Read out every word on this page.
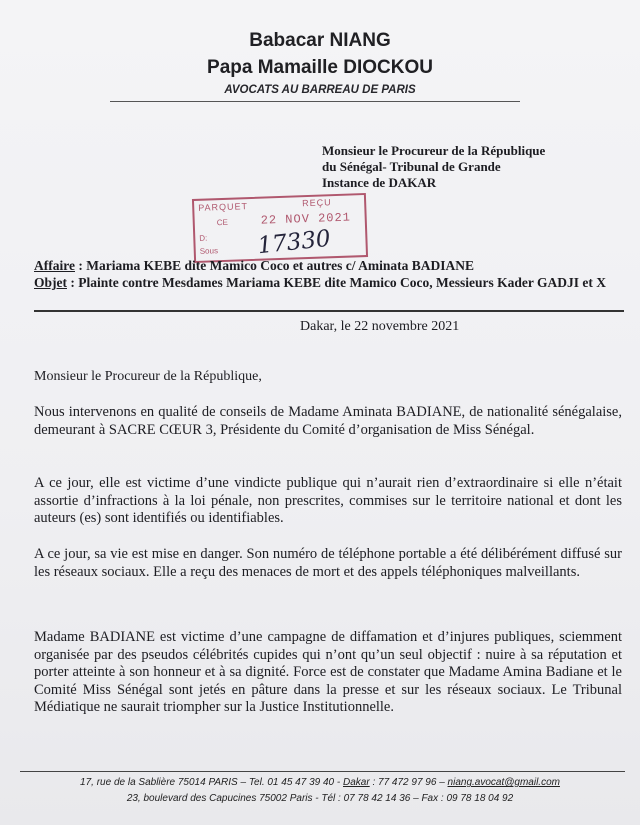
Babacar NIANG
Papa Mamaille DIOCKOU
AVOCATS AU BARREAU DE PARIS
Monsieur le Procureur de la République
du Sénégal- Tribunal de Grande
Instance de DAKAR
PARQUET	REÇU
CE	22 NOV 2021
D:
Sous 17330
Affaire : Mariama KEBE dite Mamico Coco et autres c/ Aminata BADIANE
Objet : Plainte contre Mesdames Mariama KEBE dite Mamico Coco, Messieurs Kader GADJI et X
Dakar, le 22 novembre 2021
Monsieur le Procureur de la République,

Nous intervenons en qualité de conseils de Madame Aminata BADIANE, de nationalité sénégalaise, demeurant à SACRE CŒUR 3, Présidente du Comité d’organisation de Miss Sénégal.

A ce jour, elle est victime d’une vindicte publique qui n’aurait rien d’extraordinaire si elle n’était assortie d’infractions à la loi pénale, non prescrites, commises sur le territoire national et dont les auteurs (es) sont identifiés ou identifiables.

A ce jour, sa vie est mise en danger. Son numéro de téléphone portable a été délibérément diffusé sur les réseaux sociaux. Elle a reçu des menaces de mort et des appels téléphoniques malveillants.

Madame BADIANE est victime d’une campagne de diffamation et d’injures publiques, sciemment organisée par des pseudos célébrités cupides qui n’ont qu’un seul objectif : nuire à sa réputation et porter atteinte à son honneur et à sa dignité. Force est de constater que Madame Amina Badiane et le Comité Miss Sénégal sont jetés en pâture dans la presse et sur les réseaux sociaux. Le Tribunal Médiatique ne saurait triompher sur la Justice Institutionnelle.

17, rue de la Sablière 75014 PARIS – Tel. 01 45 47 39 40 - Dakar : 77 472 97 96 – niang.avocat@gmail.com
23, boulevard des Capucines 75002 Paris - Tél : 07 78 42 14 36 – Fax : 09 78 18 04 92
